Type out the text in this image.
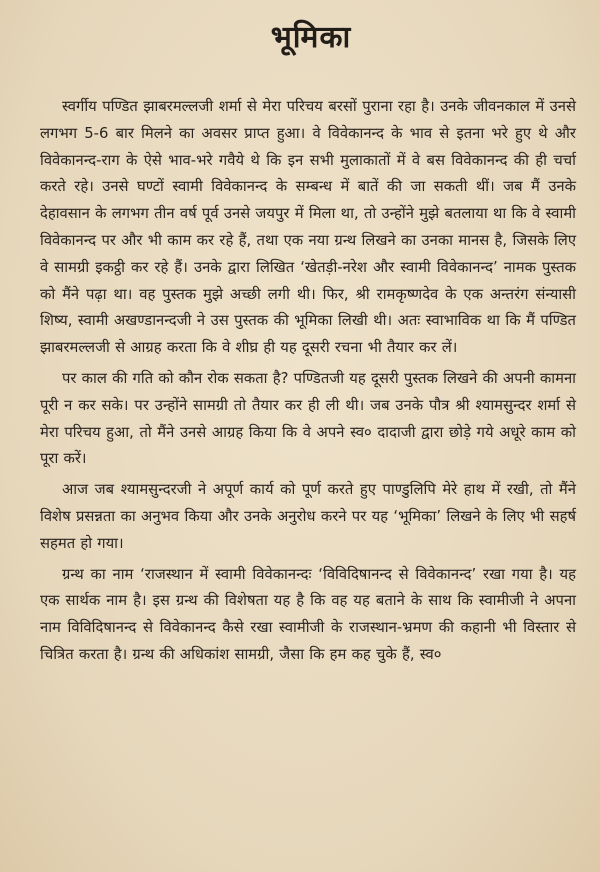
भूमिका

स्वर्गीय पण्डित झाबरमल्लजी शर्मा से मेरा परिचय बरसों पुराना रहा है। उनके जीवनकाल में उनसे लगभग 5-6 बार मिलने का अवसर प्राप्त हुआ। वे विवेकानन्द के भाव से इतना भरे हुए थे और विवेकानन्द-राग के ऐसे भाव-भरे गवैये थे कि इन सभी मुलाकातों में वे बस विवेकानन्द की ही चर्चा करते रहे। उनसे घण्टों स्वामी विवेकानन्द के सम्बन्ध में बातें की जा सकती थीं। जब मैं उनके देहावसान के लगभग तीन वर्ष पूर्व उनसे जयपुर में मिला था, तो उन्होंने मुझे बतलाया था कि वे स्वामी विवेकानन्द पर और भी काम कर रहे हैं, तथा एक नया ग्रन्थ लिखने का उनका मानस है, जिसके लिए वे सामग्री इकट्ठी कर रहे हैं। उनके द्वारा लिखित ‘खेतड़ी-नरेश और स्वामी विवेकानन्द’ नामक पुस्तक को मैंने पढ़ा था। वह पुस्तक मुझे अच्छी लगी थी। फिर, श्री रामकृष्णदेव के एक अन्तरंग संन्यासी शिष्य, स्वामी अखण्डानन्दजी ने उस पुस्तक की भूमिका लिखी थी। अतः स्वाभाविक था कि मैं पण्डित झाबरमल्लजी से आग्रह करता कि वे शीघ्र ही यह दूसरी रचना भी तैयार कर लें।

पर काल की गति को कौन रोक सकता है? पण्डितजी यह दूसरी पुस्तक लिखने की अपनी कामना पूरी न कर सके। पर उन्होंने सामग्री तो तैयार कर ही ली थी। जब उनके पौत्र श्री श्यामसुन्दर शर्मा से मेरा परिचय हुआ, तो मैंने उनसे आग्रह किया कि वे अपने स्व० दादाजी द्वारा छोड़े गये अधूरे काम को पूरा करें।

आज जब श्यामसुन्दरजी ने अपूर्ण कार्य को पूर्ण करते हुए पाण्डुलिपि मेरे हाथ में रखी, तो मैंने विशेष प्रसन्नता का अनुभव किया और उनके अनुरोध करने पर यह ‘भूमिका’ लिखने के लिए भी सहर्ष सहमत हो गया।

ग्रन्थ का नाम ‘राजस्थान में स्वामी विवेकानन्दः ‘विविदिषानन्द से विवेकानन्द’ रखा गया है। यह एक सार्थक नाम है। इस ग्रन्थ की विशेषता यह है कि वह यह बताने के साथ कि स्वामीजी ने अपना नाम विविदिषानन्द से विवेकानन्द कैसे रखा स्वामीजी के राजस्थान-भ्रमण की कहानी भी विस्तार से चित्रित करता है। ग्रन्थ की अधिकांश सामग्री, जैसा कि हम कह चुके हैं, स्व०
